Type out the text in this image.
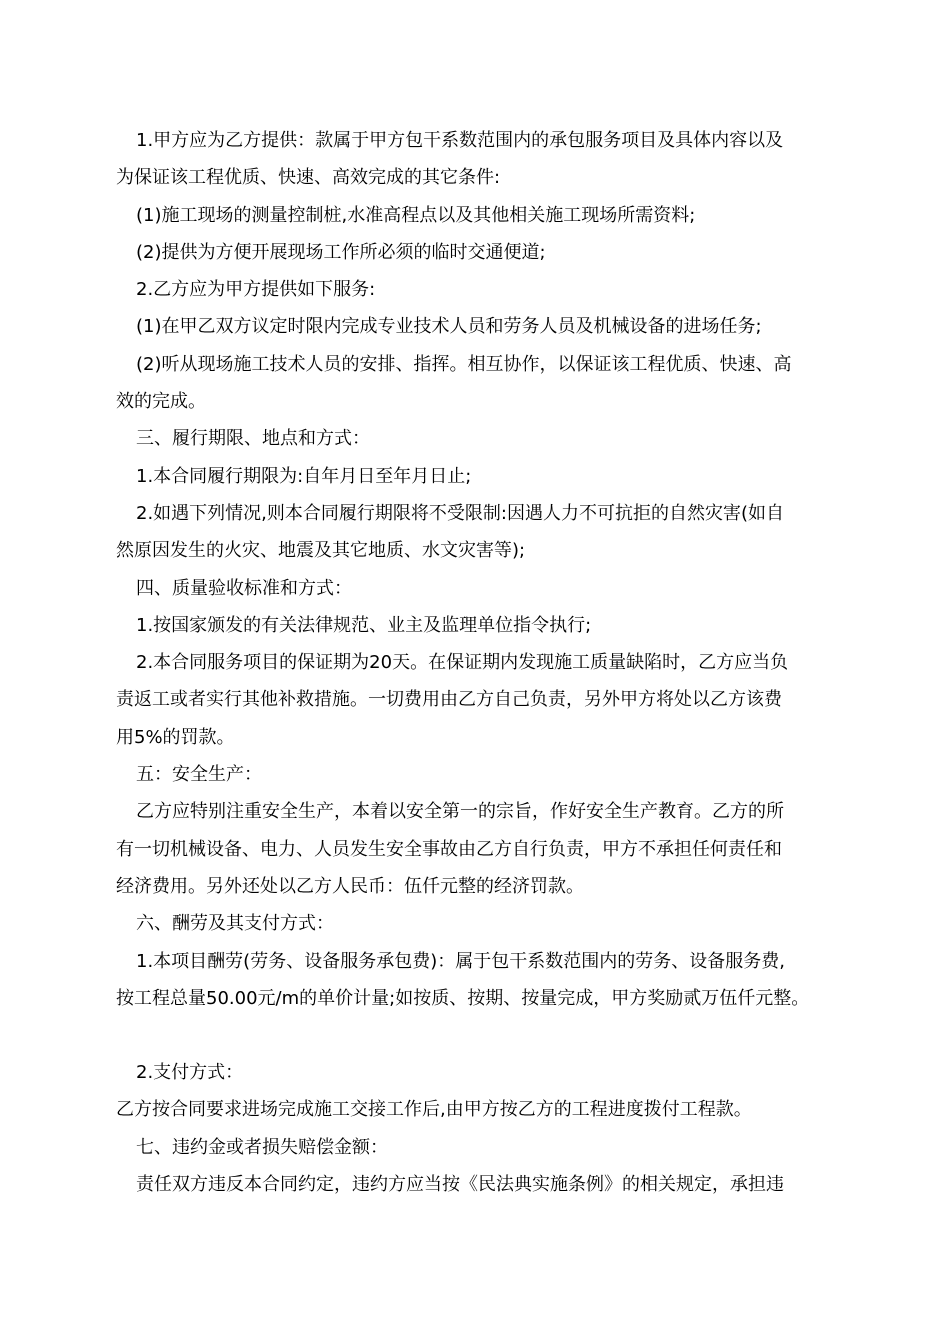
1.甲方应为乙方提供：款属于甲方包干系数范围内的承包服务项目及具体内容以及
为保证该工程优质、快速、高效完成的其它条件:
(1)施工现场的测量控制桩,水准高程点以及其他相关施工现场所需资料;
(2)提供为方便开展现场工作所必须的临时交通便道;
2.乙方应为甲方提供如下服务:
(1)在甲乙双方议定时限内完成专业技术人员和劳务人员及机械设备的进场任务;
(2)听从现场施工技术人员的安排、指挥。相互协作，以保证该工程优质、快速、高
效的完成。
三、履行期限、地点和方式：
1.本合同履行期限为:自年月日至年月日止;
2.如遇下列情况,则本合同履行期限将不受限制:因遇人力不可抗拒的自然灾害(如自
然原因发生的火灾、地震及其它地质、水文灾害等);
四、质量验收标准和方式：
1.按国家颁发的有关法律规范、业主及监理单位指令执行;
2.本合同服务项目的保证期为20天。在保证期内发现施工质量缺陷时，乙方应当负
责返工或者实行其他补救措施。一切费用由乙方自己负责，另外甲方将处以乙方该费
用5%的罚款。
五：安全生产：
乙方应特别注重安全生产，本着以安全第一的宗旨，作好安全生产教育。乙方的所
有一切机械设备、电力、人员发生安全事故由乙方自行负责，甲方不承担任何责任和
经济费用。另外还处以乙方人民币：伍仟元整的经济罚款。
六、酬劳及其支付方式：
1.本项目酬劳(劳务、设备服务承包费)：属于包干系数范围内的劳务、设备服务费,
按工程总量50.00元/m的单价计量;如按质、按期、按量完成，甲方奖励贰万伍仟元整。
2.支付方式：
乙方按合同要求进场完成施工交接工作后,由甲方按乙方的工程进度拨付工程款。
七、违约金或者损失赔偿金额：
责任双方违反本合同约定，违约方应当按《民法典实施条例》的相关规定，承担违
